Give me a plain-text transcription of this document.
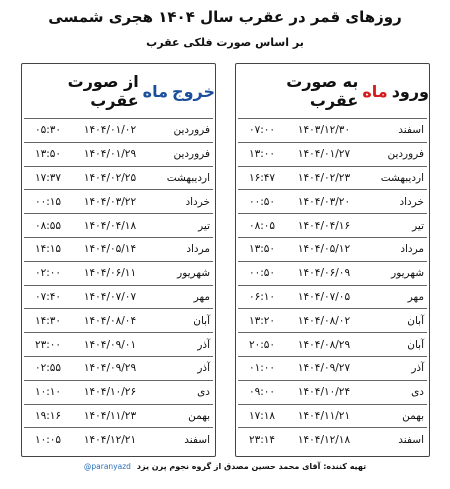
روزهای قمر در عقرب سال ۱۴۰۴ هجری شمسی
بر اساس صورت فلکی عقرب
ورود
ماه
به صورت عقرب
اسفند	۱۴۰۳/۱۲/۳۰	۰۷:۰۰
فروردین	۱۴۰۴/۰۱/۲۷	۱۳:۰۰
اردیبهشت	۱۴۰۴/۰۲/۲۳	۱۶:۴۷
خرداد	۱۴۰۴/۰۳/۲۰	۰۰:۵۰
تیر	۱۴۰۴/۰۴/۱۶	۰۸:۰۵
مرداد	۱۴۰۴/۰۵/۱۲	۱۳:۵۰
شهریور	۱۴۰۴/۰۶/۰۹	۰۰:۵۰
مهر	۱۴۰۴/۰۷/۰۵	۰۶:۱۰
آبان	۱۴۰۴/۰۸/۰۲	۱۳:۲۰
آبان	۱۴۰۴/۰۸/۲۹	۲۰:۵۰
آذر	۱۴۰۴/۰۹/۲۷	۰۱:۰۰
دی	۱۴۰۴/۱۰/۲۴	۰۹:۰۰
بهمن	۱۴۰۴/۱۱/۲۱	۱۷:۱۸
اسفند	۱۴۰۴/۱۲/۱۸	۲۳:۱۴
خروج
ماه
از صورت عقرب
فروردین	۱۴۰۴/۰۱/۰۲	۰۵:۳۰
فروردین	۱۴۰۴/۰۱/۲۹	۱۳:۵۰
اردیبهشت	۱۴۰۴/۰۲/۲۵	۱۷:۳۷
خرداد	۱۴۰۴/۰۳/۲۲	۰۰:۱۵
تیر	۱۴۰۴/۰۴/۱۸	۰۸:۵۵
مرداد	۱۴۰۴/۰۵/۱۴	۱۴:۱۵
شهریور	۱۴۰۴/۰۶/۱۱	۰۲:۰۰
مهر	۱۴۰۴/۰۷/۰۷	۰۷:۴۰
آبان	۱۴۰۴/۰۸/۰۴	۱۴:۳۰
آذر	۱۴۰۴/۰۹/۰۱	۲۳:۰۰
آذر	۱۴۰۴/۰۹/۲۹	۰۲:۵۵
دی	۱۴۰۴/۱۰/۲۶	۱۰:۱۰
بهمن	۱۴۰۴/۱۱/۲۳	۱۹:۱۶
اسفند	۱۴۰۴/۱۲/۲۱	۱۰:۰۵
@paranyazd تهیه کننده: آقای محمد حسین مصدق از گروه نجوم پرن یزد
